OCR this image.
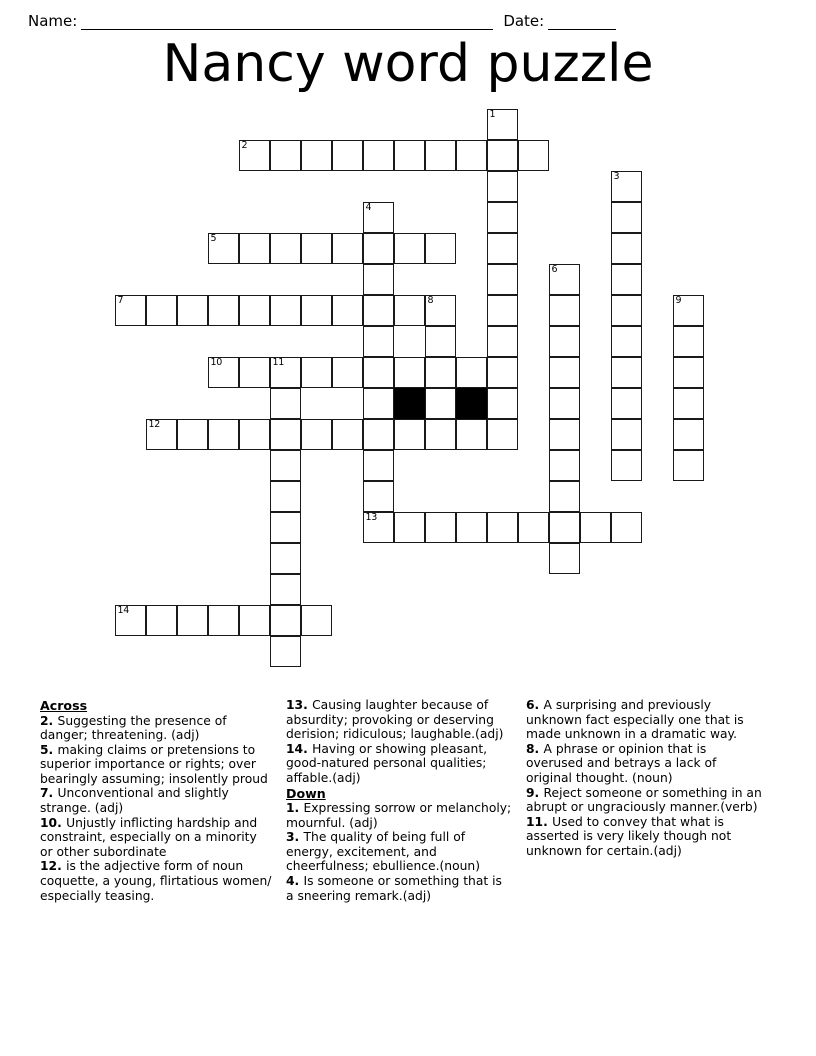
Name:	Date:
Nancy word puzzle
1
2
3
4
5
6
7	8	9
10	11
12
13
14
Across
2. Suggesting the presence of danger; threatening. (adj)
5. making claims or pretensions to superior importance or rights; over bearingly assuming; insolently proud
7. Unconventional and slightly strange. (adj)
10. Unjustly inflicting hardship and constraint, especially on a minority or other subordinate
12. is the adjective form of noun coquette, a young, flirtatious women/ especially teasing.
13. Causing laughter because of absurdity; provoking or deserving derision; ridiculous; laughable.(adj)
14. Having or showing pleasant, good-natured personal qualities; affable.(adj)
Down
1. Expressing sorrow or melancholy; mournful. (adj)
3. The quality of being full of energy, excitement, and cheerfulness; ebullience.(noun)
4. Is someone or something that is a sneering remark.(adj)
6. A surprising and previously unknown fact especially one that is made unknown in a dramatic way.
8. A phrase or opinion that is overused and betrays a lack of original thought. (noun)
9. Reject someone or something in an abrupt or ungraciously manner.(verb)
11. Used to convey that what is asserted is very likely though not unknown for certain.(adj)
